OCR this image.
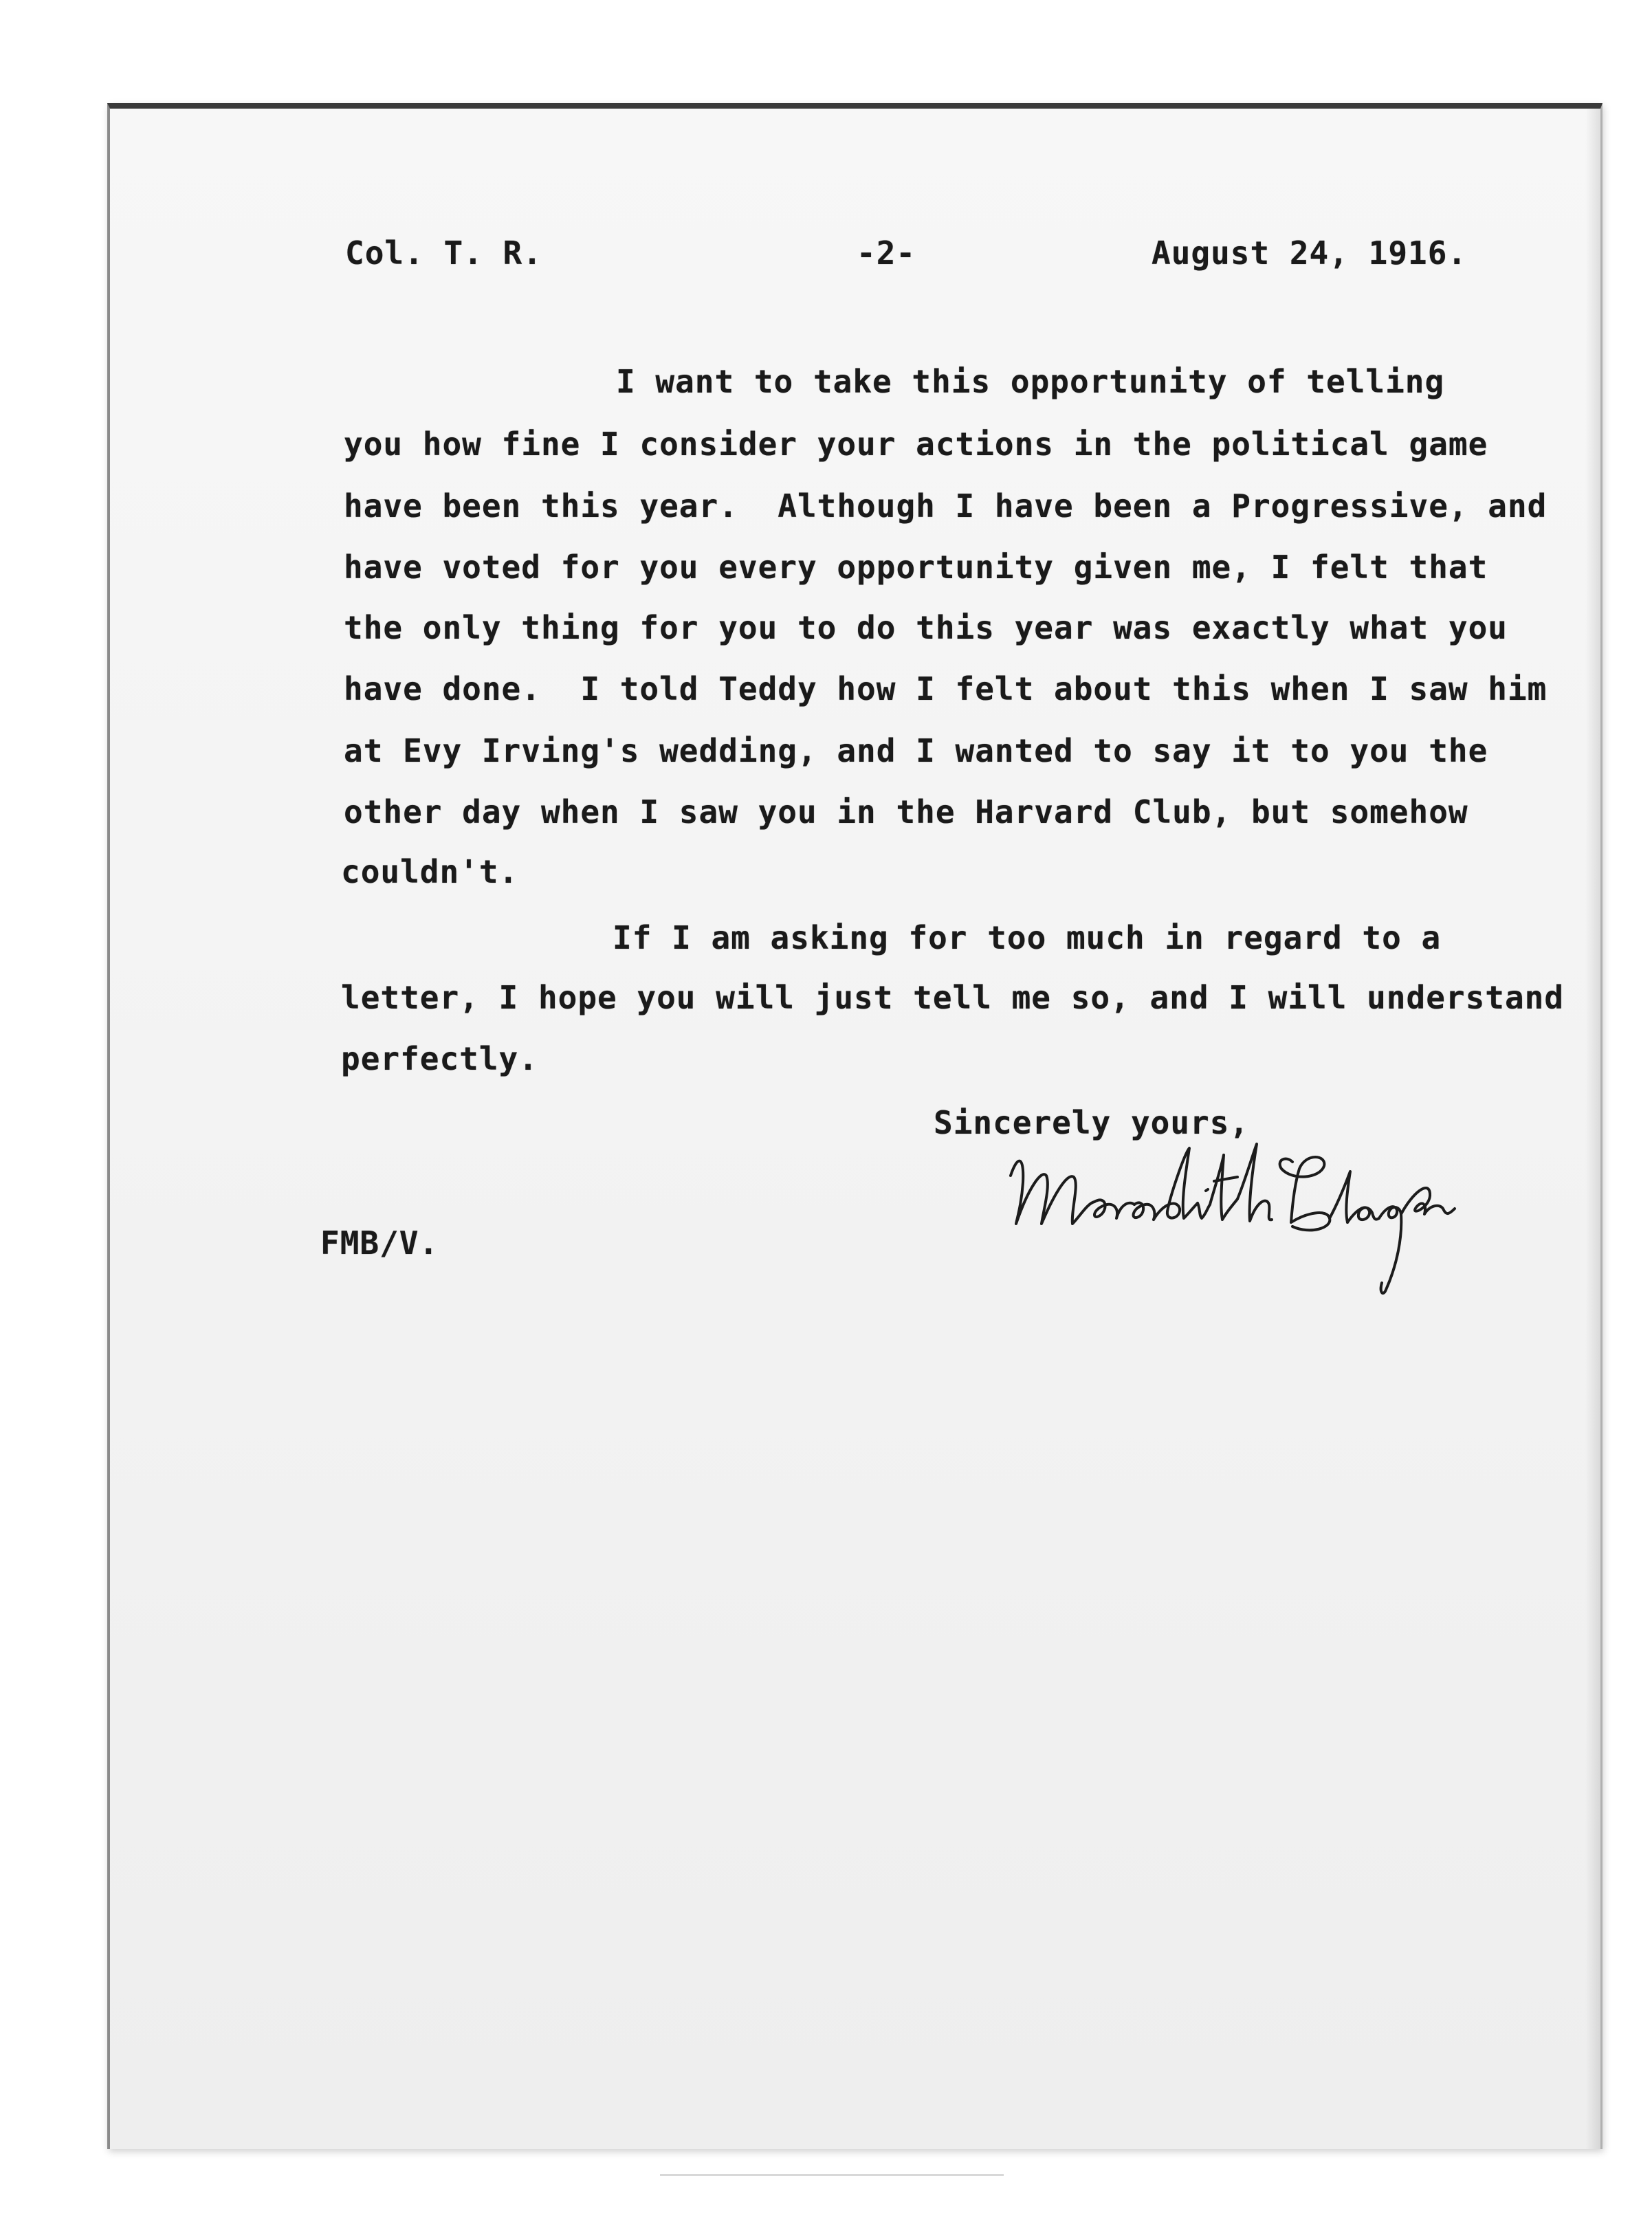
Col. T. R.	-2-	August 24, 1916.
I want to take this opportunity of telling
you how fine I consider your actions in the political game
have been this year.  Although I have been a Progressive, and
have voted for you every opportunity given me, I felt that
the only thing for you to do this year was exactly what you
have done.  I told Teddy how I felt about this when I saw him
at Evy Irving's wedding, and I wanted to say it to you the
other day when I saw you in the Harvard Club, but somehow
couldn't.
If I am asking for too much in regard to a
letter, I hope you will just tell me so, and I will understand
perfectly.
Sincerely yours,
FMB/V.
